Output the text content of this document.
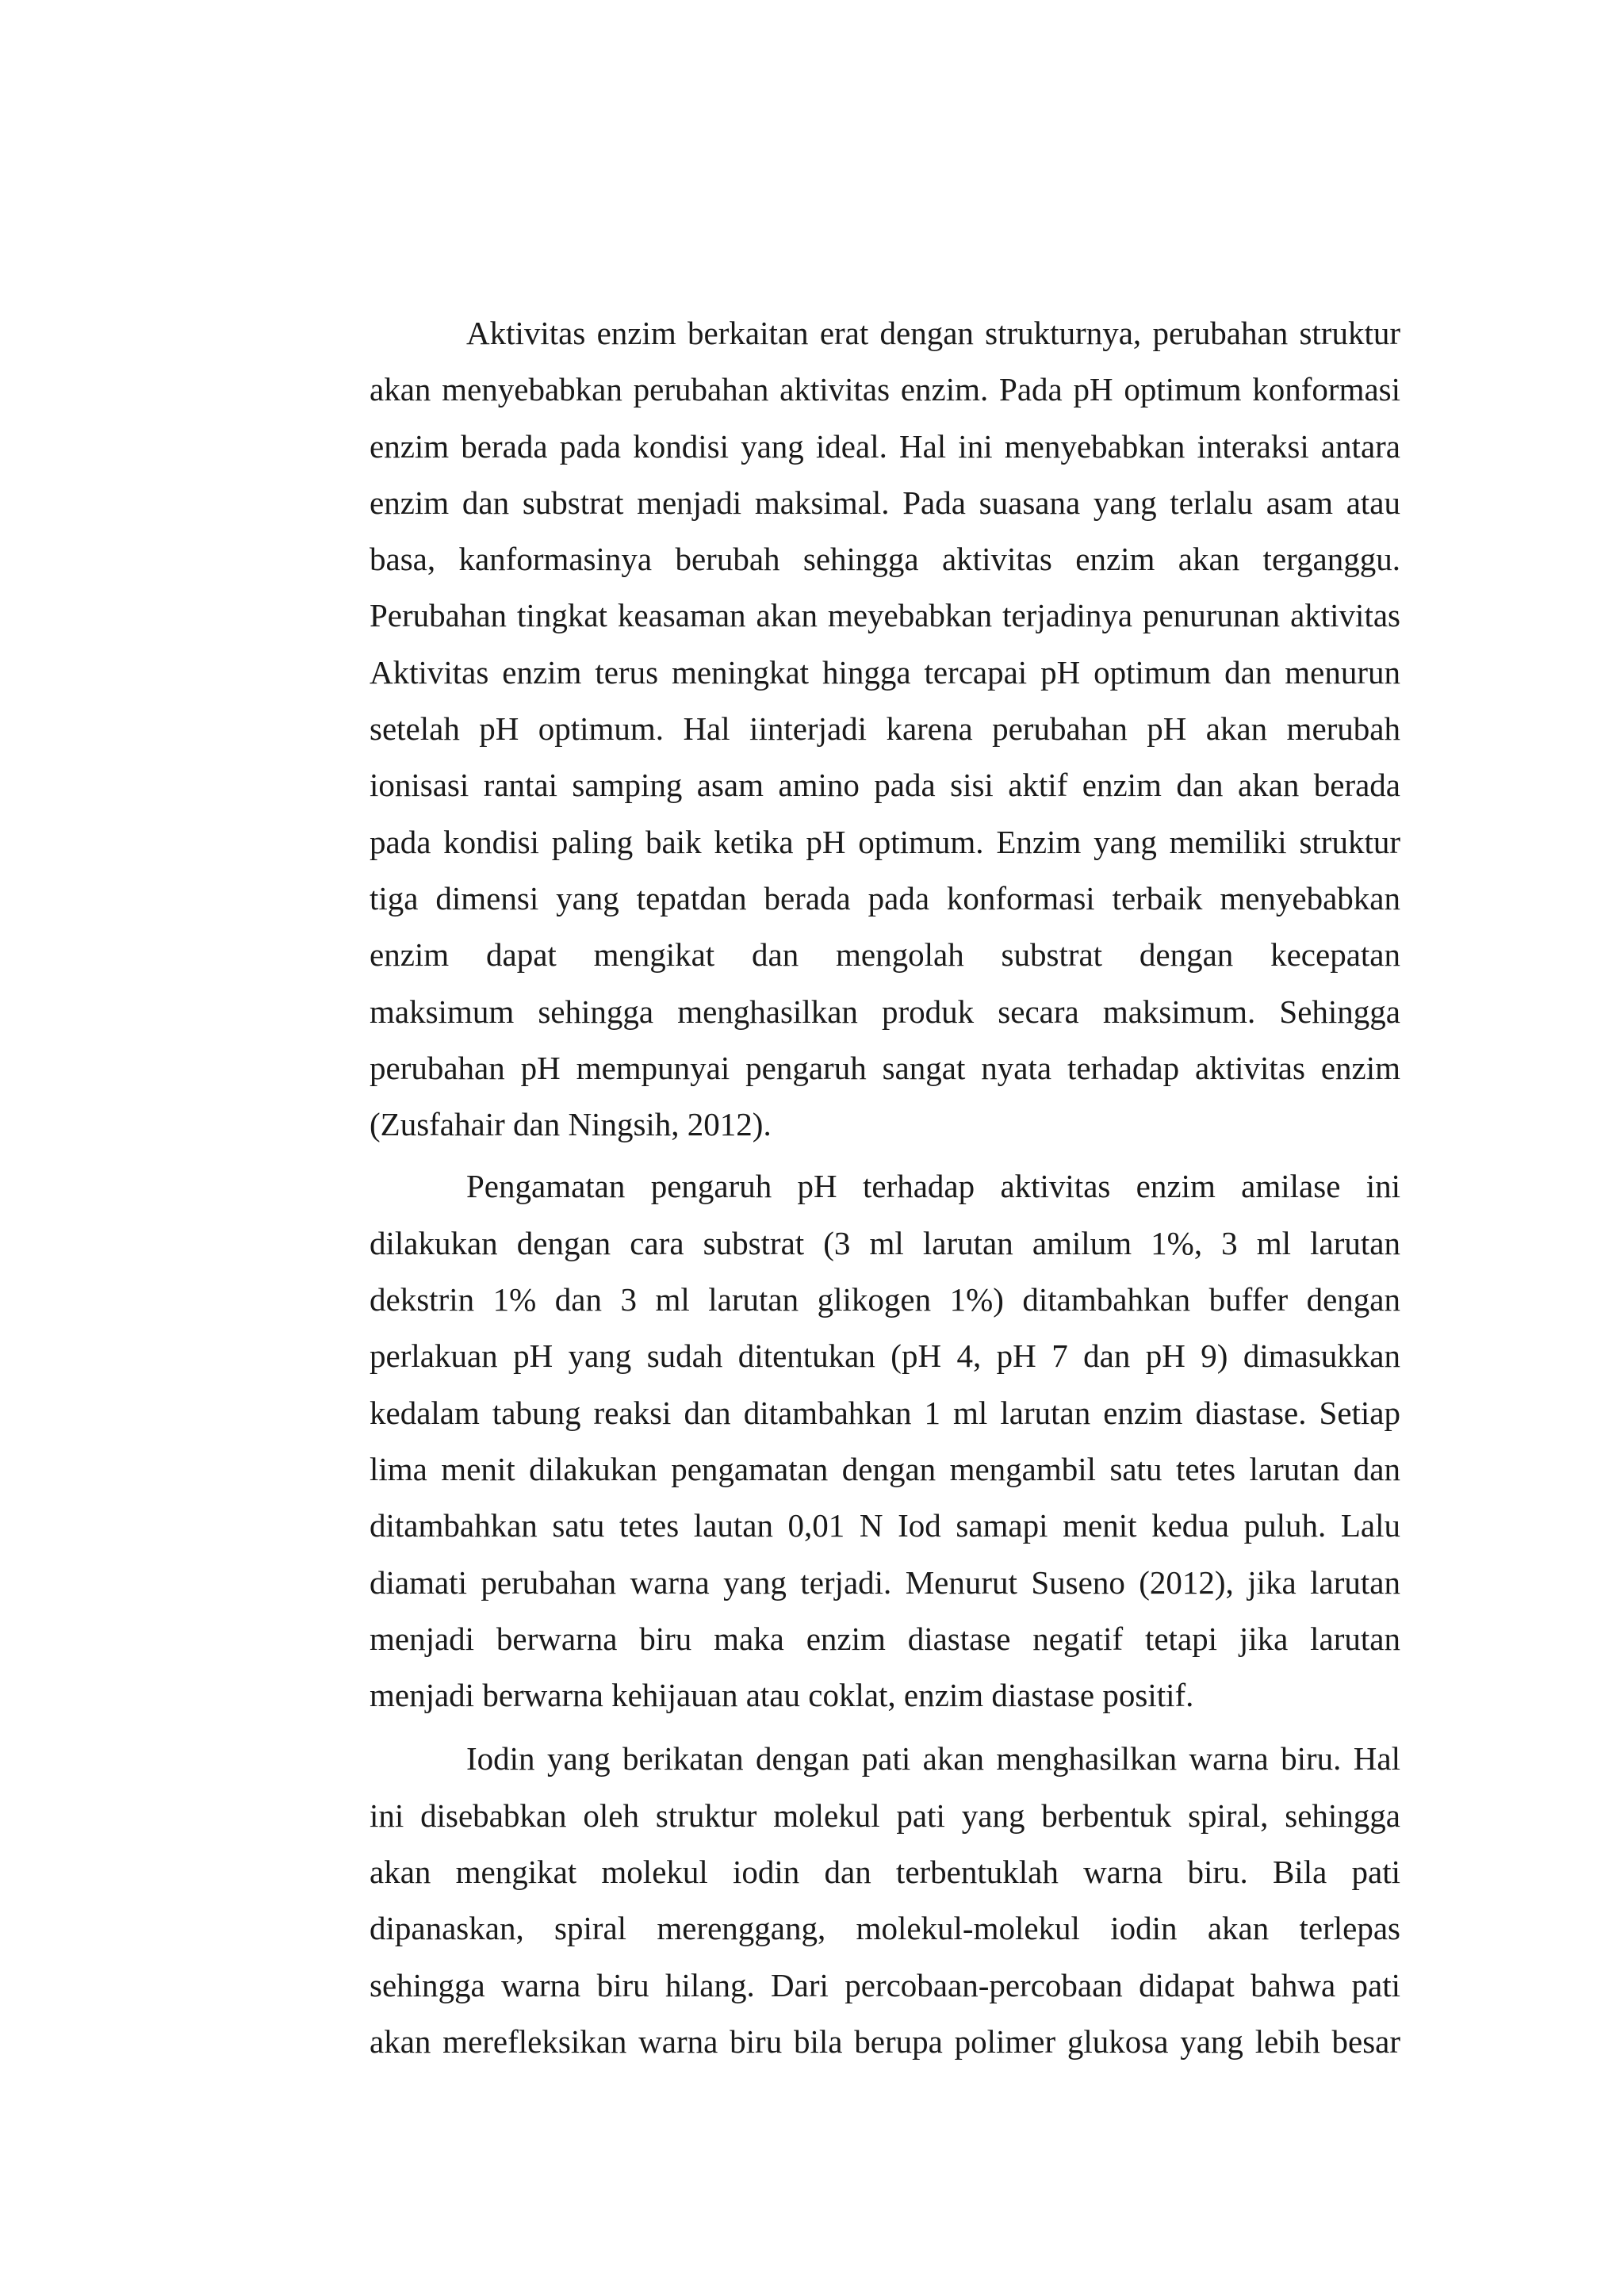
Aktivitas enzim berkaitan erat dengan strukturnya, perubahan struktur
akan menyebabkan perubahan aktivitas enzim. Pada pH optimum konformasi
enzim berada pada kondisi yang ideal. Hal ini menyebabkan interaksi antara
enzim dan substrat menjadi maksimal. Pada suasana yang terlalu asam atau
basa, kanformasinya berubah sehingga aktivitas enzim akan terganggu.
Perubahan tingkat keasaman akan meyebabkan terjadinya penurunan aktivitas
Aktivitas enzim terus meningkat hingga tercapai pH optimum dan menurun
setelah pH optimum. Hal iinterjadi karena perubahan pH akan merubah
ionisasi rantai samping asam amino pada sisi aktif enzim dan akan berada
pada kondisi paling baik ketika pH optimum. Enzim yang memiliki struktur
tiga dimensi yang tepatdan berada pada konformasi terbaik menyebabkan
enzim dapat mengikat dan mengolah substrat dengan kecepatan
maksimum sehingga menghasilkan produk secara maksimum. Sehingga
perubahan pH mempunyai pengaruh sangat nyata terhadap aktivitas enzim
(Zusfahair dan Ningsih, 2012).

Pengamatan pengaruh pH terhadap aktivitas enzim amilase ini
dilakukan dengan cara substrat (3 ml larutan amilum 1%, 3 ml larutan
dekstrin 1% dan 3 ml larutan glikogen 1%) ditambahkan buffer dengan
perlakuan pH yang sudah ditentukan (pH 4, pH 7 dan pH 9) dimasukkan
kedalam tabung reaksi dan ditambahkan 1 ml larutan enzim diastase. Setiap
lima menit dilakukan pengamatan dengan mengambil satu tetes larutan dan
ditambahkan satu tetes lautan 0,01 N Iod samapi menit kedua puluh. Lalu
diamati perubahan warna yang terjadi. Menurut Suseno (2012), jika larutan
menjadi berwarna biru maka enzim diastase negatif tetapi jika larutan
menjadi berwarna kehijauan atau coklat, enzim diastase positif.

Iodin yang berikatan dengan pati akan menghasilkan warna biru. Hal
ini disebabkan oleh struktur molekul pati yang berbentuk spiral, sehingga
akan mengikat molekul iodin dan terbentuklah warna biru. Bila pati
dipanaskan, spiral merenggang, molekul-molekul iodin akan terlepas
sehingga warna biru hilang. Dari percobaan-percobaan didapat bahwa pati
akan merefleksikan warna biru bila berupa polimer glukosa yang lebih besar
